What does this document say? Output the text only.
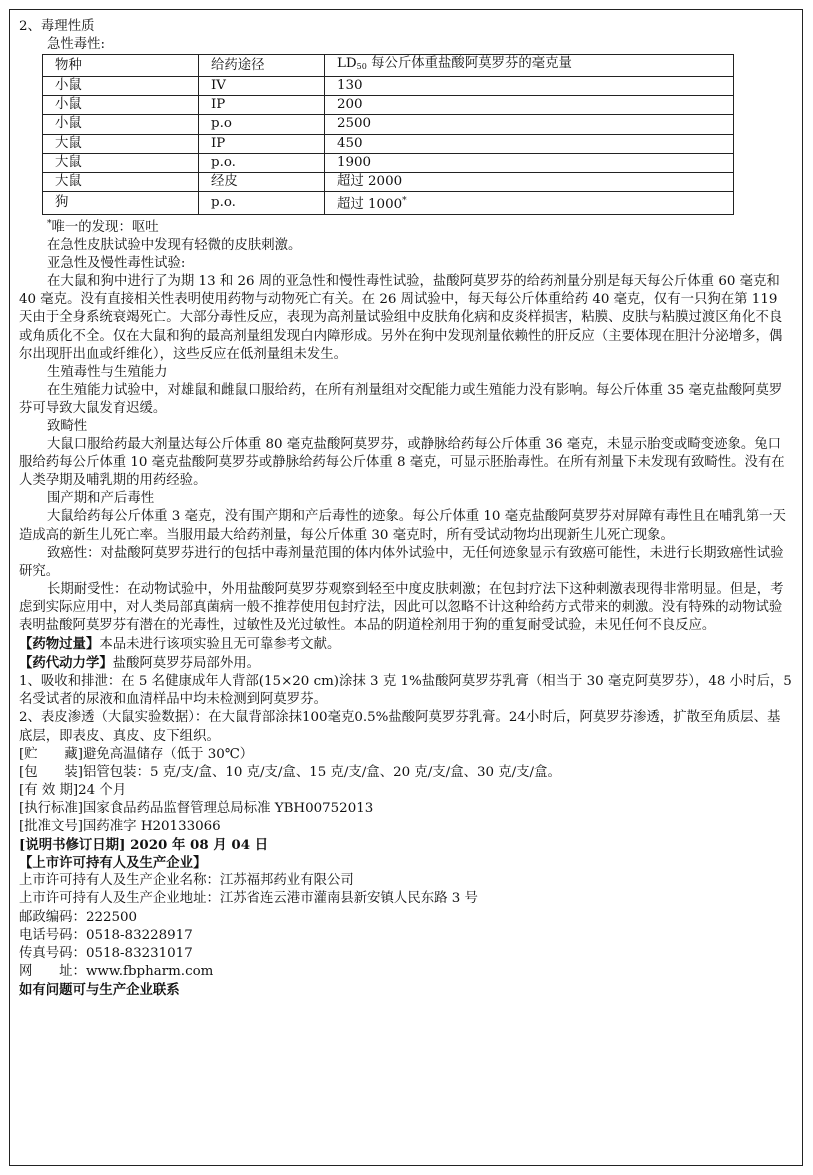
2、毒理性质

急性毒性:

物种	给药途径	$LD_{50}$ 每公斤体重盐酸阿莫罗芬的毫克量
小鼠	IV	130
小鼠	IP	200
小鼠	p.o	2500
大鼠	IP	450
大鼠	p.o.	1900
大鼠	经皮	超过 2000
狗	p.o.	超过 1000*

*唯一的发现：呕吐

在急性皮肤试验中发现有轻微的皮肤刺激。

亚急性及慢性毒性试验:

在大鼠和狗中进行了为期 13 和 26 周的亚急性和慢性毒性试验，盐酸阿莫罗芬的给药剂量分别是每天每公斤体重 60 毫克和 40 毫克。没有直接相关性表明使用药物与动物死亡有关。在 26 周试验中，每天每公斤体重给药 40 毫克，仅有一只狗在第 119 天由于全身系统衰竭死亡。大部分毒性反应，表现为高剂量试验组中皮肤角化病和皮炎样损害，粘膜、皮肤与粘膜过渡区角化不良或角质化不全。仅在大鼠和狗的最高剂量组发现白内障形成。另外在狗中发现剂量依赖性的肝反应（主要体现在胆汁分泌增多，偶尔出现肝出血或纤维化），这些反应在低剂量组未发生。

生殖毒性与生殖能力

在生殖能力试验中，对雄鼠和雌鼠口服给药，在所有剂量组对交配能力或生殖能力没有影响。每公斤体重 35 毫克盐酸阿莫罗芬可导致大鼠发育迟缓。

致畸性

大鼠口服给药最大剂量达每公斤体重 80 毫克盐酸阿莫罗芬，或静脉给药每公斤体重 36 毫克，未显示胎变或畸变迹象。兔口服给药每公斤体重 10 毫克盐酸阿莫罗芬或静脉给药每公斤体重 8 毫克，可显示胚胎毒性。在所有剂量下未发现有致畸性。没有在人类孕期及哺乳期的用药经验。

围产期和产后毒性

大鼠给药每公斤体重 3 毫克，没有围产期和产后毒性的迹象。每公斤体重 10 毫克盐酸阿莫罗芬对屏障有毒性且在哺乳第一天造成高的新生儿死亡率。当服用最大给药剂量，每公斤体重 30 毫克时，所有受试动物均出现新生儿死亡现象。

致癌性：对盐酸阿莫罗芬进行的包括中毒剂量范围的体内体外试验中，无任何迹象显示有致癌可能性，未进行长期致癌性试验研究。

长期耐受性：在动物试验中，外用盐酸阿莫罗芬观察到轻至中度皮肤刺激；在包封疗法下这种刺激表现得非常明显。但是，考虑到实际应用中，对人类局部真菌病一般不推荐使用包封疗法，因此可以忽略不计这种给药方式带来的刺激。没有特殊的动物试验表明盐酸阿莫罗芬有潜在的光毒性，过敏性及光过敏性。本品的阴道栓剂用于狗的重复耐受试验，未见任何不良反应。

【药物过量】本品未进行该项实验且无可靠参考文献。

【药代动力学】盐酸阿莫罗芬局部外用。

1、吸收和排泄：在 5 名健康成年人背部(15×20 cm)涂抹 3 克 1%盐酸阿莫罗芬乳膏（相当于 30 毫克阿莫罗芬），48 小时后，5 名受试者的尿液和血清样品中均未检测到阿莫罗芬。

2、表皮渗透（大鼠实验数据）：在大鼠背部涂抹100毫克0.5%盐酸阿莫罗芬乳膏。24小时后，阿莫罗芬渗透，扩散至角质层、基底层，即表皮、真皮、皮下组织。

[贮　　藏]避免高温储存（低于 30℃）

[包　　装]铝管包装：5 克/支/盒、10 克/支/盒、15 克/支/盒、20 克/支/盒、30 克/支/盒。

[有 效 期]24 个月

[执行标准]国家食品药品监督管理总局标准 YBH00752013

[批准文号]国药准字 H20133066

[说明书修订日期] 2020 年 08 月 04 日

【上市许可持有人及生产企业】

上市许可持有人及生产企业名称：江苏福邦药业有限公司

上市许可持有人及生产企业地址：江苏省连云港市灌南县新安镇人民东路 3 号

邮政编码：222500

电话号码：0518-83228917

传真号码：0518-83231017

网　　址：www.fbpharm.com

如有问题可与生产企业联系
